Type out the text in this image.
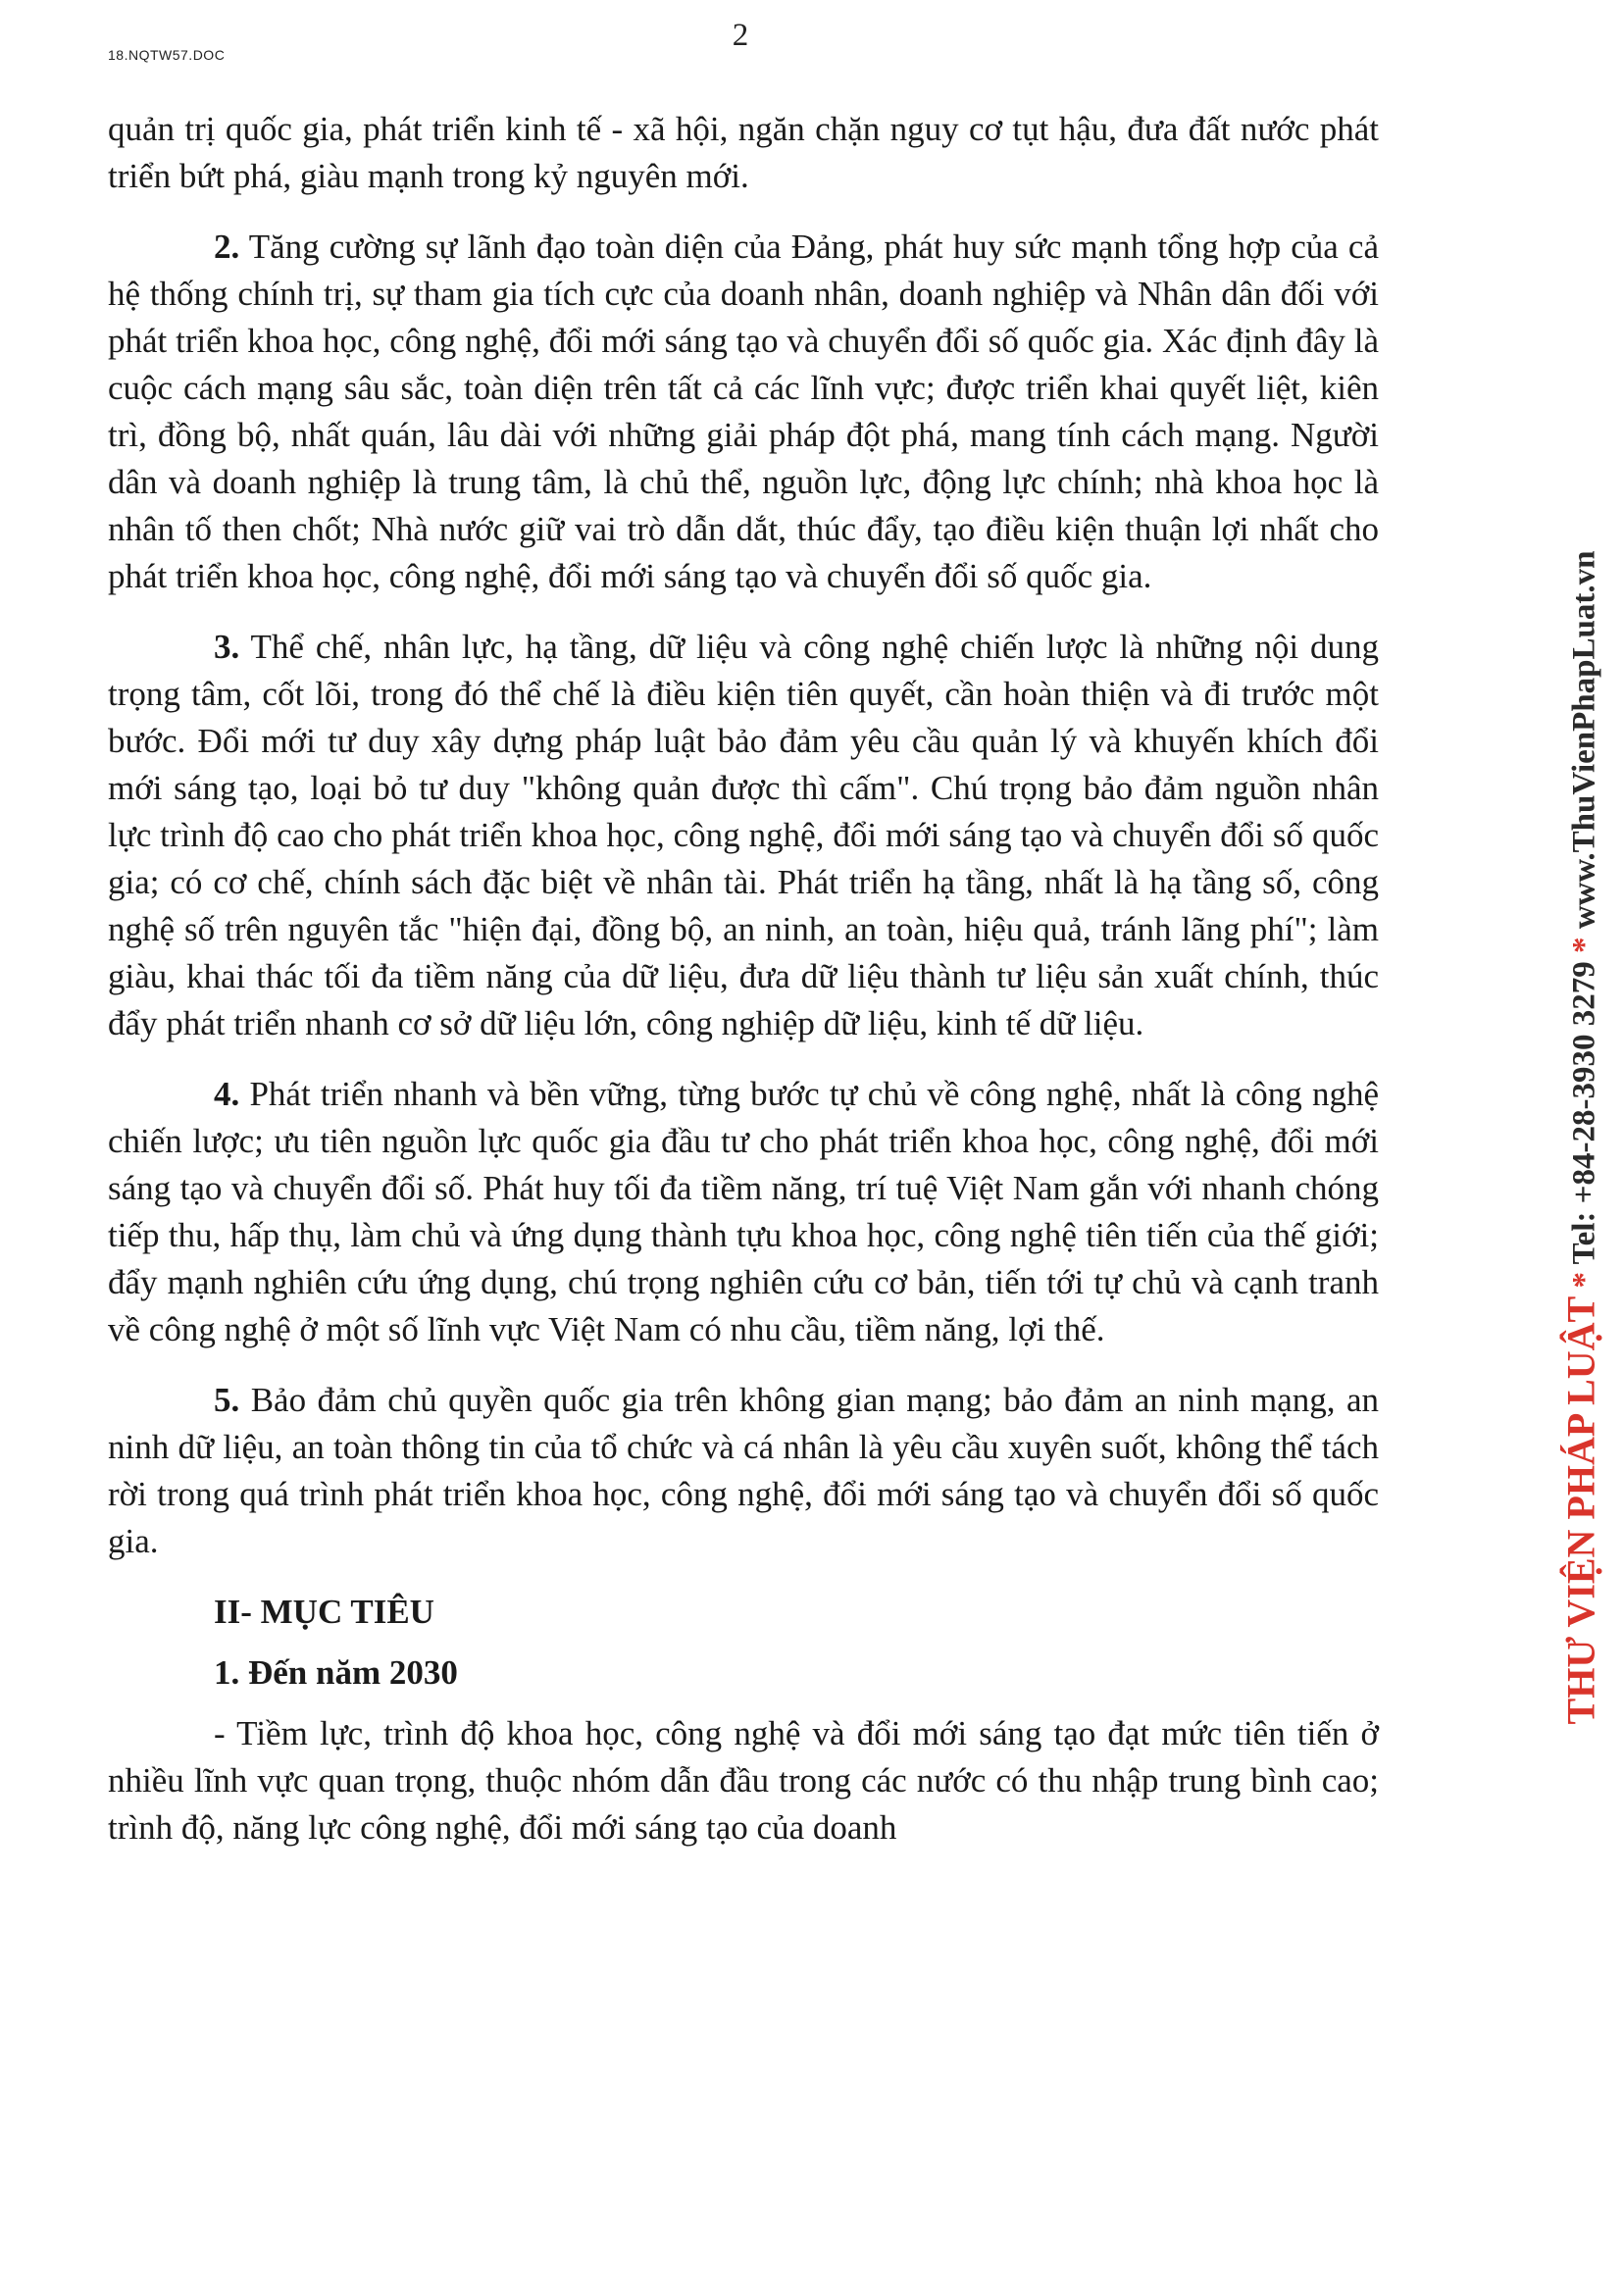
18.NQTW57.DOC
2

quản trị quốc gia, phát triển kinh tế - xã hội, ngăn chặn nguy cơ tụt hậu, đưa đất nước phát triển bứt phá, giàu mạnh trong kỷ nguyên mới.

2. Tăng cường sự lãnh đạo toàn diện của Đảng, phát huy sức mạnh tổng hợp của cả hệ thống chính trị, sự tham gia tích cực của doanh nhân, doanh nghiệp và Nhân dân đối với phát triển khoa học, công nghệ, đổi mới sáng tạo và chuyển đổi số quốc gia. Xác định đây là cuộc cách mạng sâu sắc, toàn diện trên tất cả các lĩnh vực; được triển khai quyết liệt, kiên trì, đồng bộ, nhất quán, lâu dài với những giải pháp đột phá, mang tính cách mạng. Người dân và doanh nghiệp là trung tâm, là chủ thể, nguồn lực, động lực chính; nhà khoa học là nhân tố then chốt; Nhà nước giữ vai trò dẫn dắt, thúc đẩy, tạo điều kiện thuận lợi nhất cho phát triển khoa học, công nghệ, đổi mới sáng tạo và chuyển đổi số quốc gia.

3. Thể chế, nhân lực, hạ tầng, dữ liệu và công nghệ chiến lược là những nội dung trọng tâm, cốt lõi, trong đó thể chế là điều kiện tiên quyết, cần hoàn thiện và đi trước một bước. Đổi mới tư duy xây dựng pháp luật bảo đảm yêu cầu quản lý và khuyến khích đổi mới sáng tạo, loại bỏ tư duy "không quản được thì cấm". Chú trọng bảo đảm nguồn nhân lực trình độ cao cho phát triển khoa học, công nghệ, đổi mới sáng tạo và chuyển đổi số quốc gia; có cơ chế, chính sách đặc biệt về nhân tài. Phát triển hạ tầng, nhất là hạ tầng số, công nghệ số trên nguyên tắc "hiện đại, đồng bộ, an ninh, an toàn, hiệu quả, tránh lãng phí"; làm giàu, khai thác tối đa tiềm năng của dữ liệu, đưa dữ liệu thành tư liệu sản xuất chính, thúc đẩy phát triển nhanh cơ sở dữ liệu lớn, công nghiệp dữ liệu, kinh tế dữ liệu.

4. Phát triển nhanh và bền vững, từng bước tự chủ về công nghệ, nhất là công nghệ chiến lược; ưu tiên nguồn lực quốc gia đầu tư cho phát triển khoa học, công nghệ, đổi mới sáng tạo và chuyển đổi số. Phát huy tối đa tiềm năng, trí tuệ Việt Nam gắn với nhanh chóng tiếp thu, hấp thụ, làm chủ và ứng dụng thành tựu khoa học, công nghệ tiên tiến của thế giới; đẩy mạnh nghiên cứu ứng dụng, chú trọng nghiên cứu cơ bản, tiến tới tự chủ và cạnh tranh về công nghệ ở một số lĩnh vực Việt Nam có nhu cầu, tiềm năng, lợi thế.

5. Bảo đảm chủ quyền quốc gia trên không gian mạng; bảo đảm an ninh mạng, an ninh dữ liệu, an toàn thông tin của tổ chức và cá nhân là yêu cầu xuyên suốt, không thể tách rời trong quá trình phát triển khoa học, công nghệ, đổi mới sáng tạo và chuyển đổi số quốc gia.

II- MỤC TIÊU
1. Đến năm 2030

- Tiềm lực, trình độ khoa học, công nghệ và đổi mới sáng tạo đạt mức tiên tiến ở nhiều lĩnh vực quan trọng, thuộc nhóm dẫn đầu trong các nước có thu nhập trung bình cao; trình độ, năng lực công nghệ, đổi mới sáng tạo của doanh

THƯ VIỆN PHÁP LUẬT * Tel: +84-28-3930 3279 * www.ThuVienPhapLuat.vn
